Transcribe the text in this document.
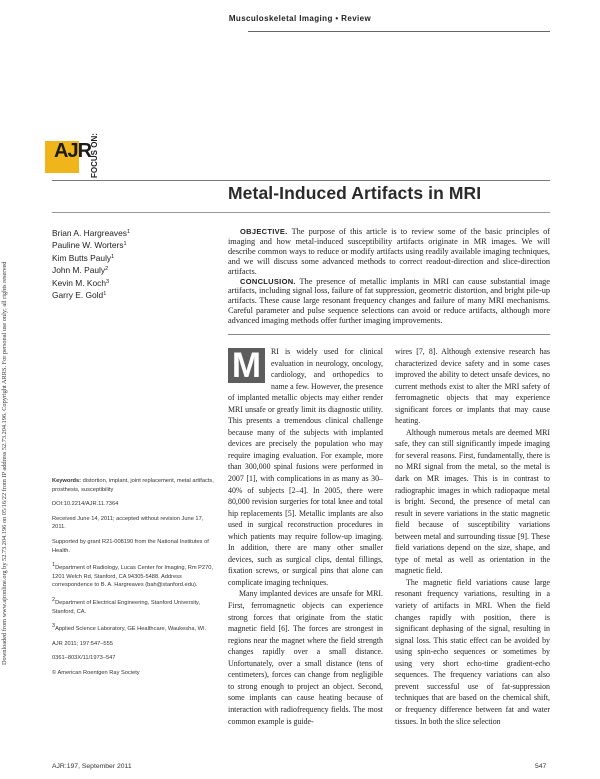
Musculoskeletal Imaging • Review
Downloaded from www.ajronline.org by 52.73.204.196 on 05/16/22 from IP address 52.73.204.196. Copyright ARRS. For personal use only; all rights reserved
AJR
FOCUS ON:
Metal-Induced Artifacts in MRI
Brian A. Hargreaves$^1$
Pauline W. Worters$^1$
Kim Butts Pauly$^1$
John M. Pauly$^2$
Kevin M. Koch$^3$
Garry E. Gold$^1$

OBJECTIVE. The purpose of this article is to review some of the basic principles of imaging and how metal-induced susceptibility artifacts originate in MR images. We will describe common ways to reduce or modify artifacts using readily available imaging techniques, and we will discuss some advanced methods to correct readout-direction and slice-direction artifacts.

CONCLUSION. The presence of metallic implants in MRI can cause substantial image artifacts, including signal loss, failure of fat suppression, geometric distortion, and bright pile-up artifacts. These cause large resonant frequency changes and failure of many MRI mechanisms. Careful parameter and pulse sequence selections can avoid or reduce artifacts, although more advanced imaging methods offer further imaging improvements.

Keywords: distortion, implant, joint replacement, metal artifacts, prosthesis, susceptibility

DOI:10.2214/AJR.11.7364

Received June 14, 2011; accepted without revision June 17, 2011.

Supported by grant R21-008190 from the National Institutes of Health.

$^1$Department of Radiology, Lucas Center for Imaging, Rm P270, 1201 Welch Rd, Stanford, CA 94305-5488. Address correspondence to B. A. Hargreaves (bah@stanford.edu).

$^2$Department of Electrical Engineering, Stanford University, Stanford, CA.

$^3$Applied Science Laboratory, GE Healthcare, Waukesha, WI.

AJR 2011; 197:547–555

0361–803X/11/1973–547

© American Roentgen Ray Society

M	RI is widely used for clinical evaluation in neurology, oncology, cardiology, and orthopedics to name a few. However, the presence of implanted metallic objects may either render MRI unsafe or greatly limit its diagnostic utility. This presents a tremendous clinical challenge because many of the subjects with implanted devices are precisely the population who may require imaging evaluation. For example, more than 300,000 spinal fusions were performed in 2007 [1], with complications in as many as 30–40% of subjects [2–4]. In 2005, there were 80,000 revision surgeries for total knee and total hip replacements [5]. Metallic implants are also used in surgical reconstruction procedures in which patients may require follow-up imaging. In addition, there are many other smaller devices, such as surgical clips, dental fillings, fixation screws, or surgical pins that alone can complicate imaging techniques.

Many implanted devices are unsafe for MRI. First, ferromagnetic objects can experience strong forces that originate from the static magnetic field [6]. The forces are strongest in regions near the magnet where the field strength changes rapidly over a small distance. Unfortunately, over a small distance (tens of centimeters), forces can change from negligible to strong enough to project an object. Second, some implants can cause heating because of interaction with radiofrequency fields. The most common example is guide-

wires [7, 8]. Although extensive research has characterized device safety and in some cases improved the ability to detect unsafe devices, no current methods exist to alter the MRI safety of ferromagnetic objects that may experience significant forces or implants that may cause heating.

Although numerous metals are deemed MRI safe, they can still significantly impede imaging for several reasons. First, fundamentally, there is no MRI signal from the metal, so the metal is dark on MR images. This is in contrast to radiographic images in which radiopaque metal is bright. Second, the presence of metal can result in severe variations in the static magnetic field because of susceptibility variations between metal and surrounding tissue [9]. These field variations depend on the size, shape, and type of metal as well as orientation in the magnetic field.

The magnetic field variations cause large resonant frequency variations, resulting in a variety of artifacts in MRI. When the field changes rapidly with position, there is significant dephasing of the signal, resulting in signal loss. This static effect can be avoided by using spin-echo sequences or sometimes by using very short echo-time gradient-echo sequences. The frequency variations can also prevent successful use of fat-suppression techniques that are based on the chemical shift, or frequency difference between fat and water tissues. In both the slice selection

AJR:197, September 2011	547
